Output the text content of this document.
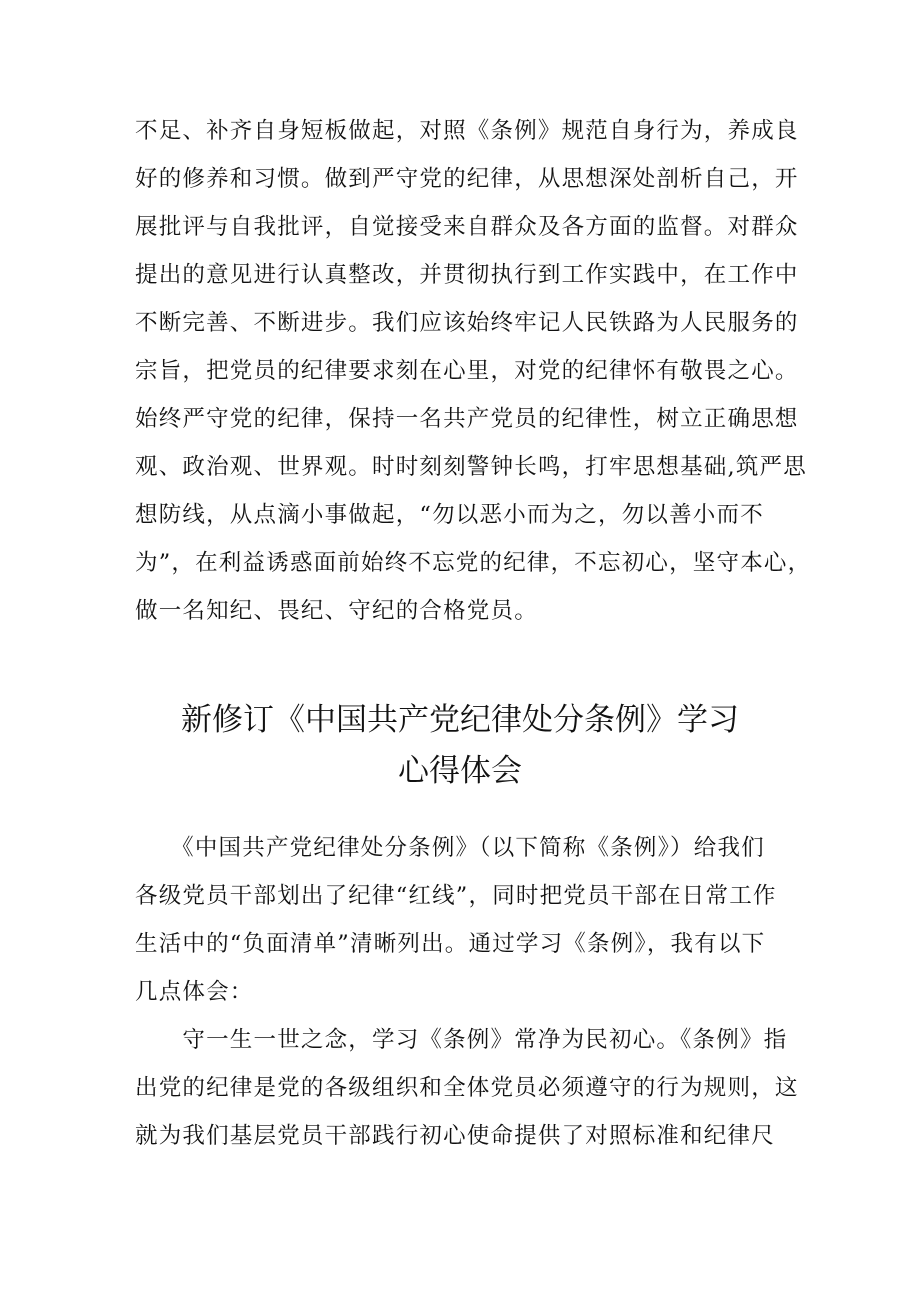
不足、补齐自身短板做起，对照《条例》规范自身行为，养成良
好的修养和习惯。做到严守党的纪律，从思想深处剖析自己，开
展批评与自我批评，自觉接受来自群众及各方面的监督。对群众
提出的意见进行认真整改，并贯彻执行到工作实践中，在工作中
不断完善、不断进步。我们应该始终牢记人民铁路为人民服务的
宗旨，把党员的纪律要求刻在心里，对党的纪律怀有敬畏之心。
始终严守党的纪律，保持一名共产党员的纪律性，树立正确思想
观、政治观、世界观。时时刻刻警钟长鸣，打牢思想基础,筑严思
想防线，从点滴小事做起，“勿以恶小而为之，勿以善小而不
为”，在利益诱惑面前始终不忘党的纪律，不忘初心，坚守本心，
做一名知纪、畏纪、守纪的合格党员。
新修订《中国共产党纪律处分条例》学习
心得体会
　　《中国共产党纪律处分条例》（以下简称《条例》）给我们
各级党员干部划出了纪律“红线”，同时把党员干部在日常工作
生活中的“负面清单”清晰列出。通过学习《条例》，我有以下
几点体会：
　　守一生一世之念，学习《条例》常净为民初心。《条例》指
出党的纪律是党的各级组织和全体党员必须遵守的行为规则，这
就为我们基层党员干部践行初心使命提供了对照标准和纪律尺
